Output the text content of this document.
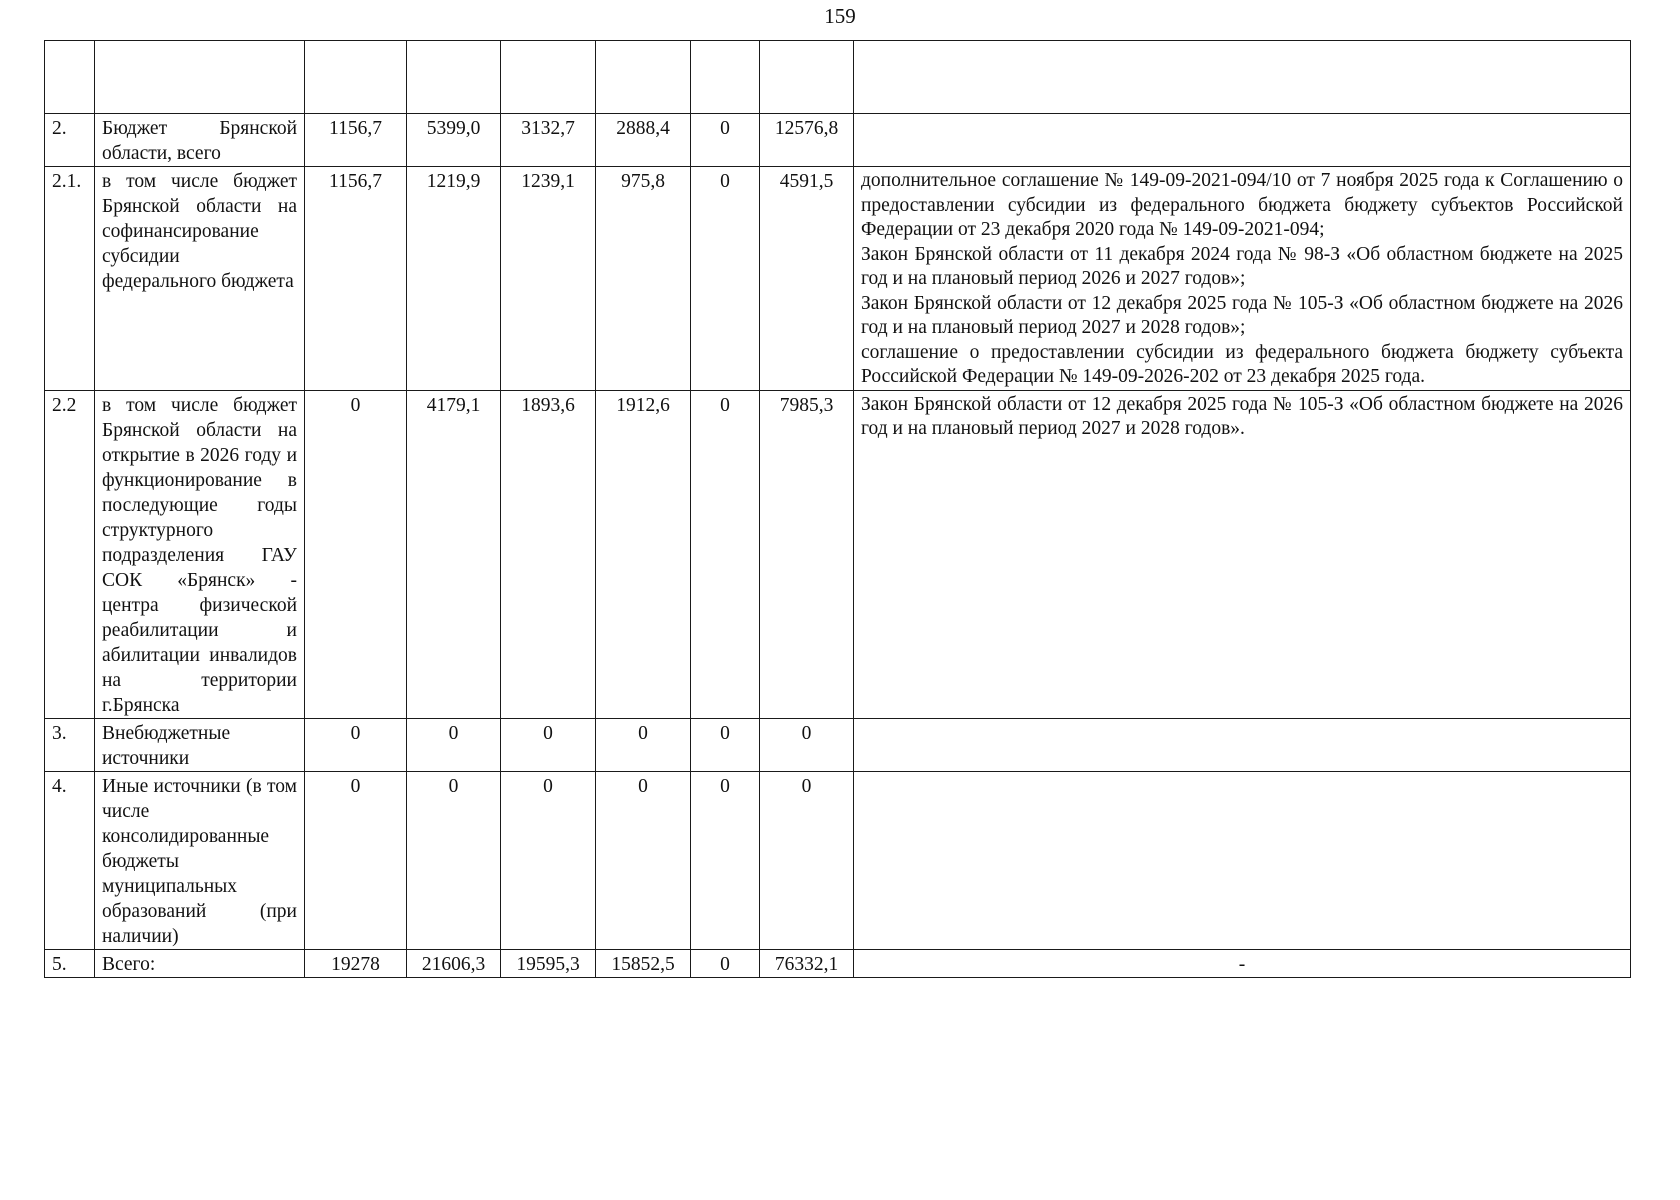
159

2.	Бюджет Брянской области, всего	1156,7	5399,0	3132,7	2888,4	0	12576,8	
2.1.	в том числе бюджет Брянской области на софинансирование субсидии федерального бюджета	1156,7	1219,9	1239,1	975,8	0	4591,5	дополнительное соглашение № 149-09-2021-094/10 от 7 ноября 2025 года к Соглашению о предоставлении субсидии из федерального бюджета бюджету субъектов Российской Федерации от 23 декабря 2020 года № 149-09-2021-094;
Закон Брянской области от 11 декабря 2024 года № 98-З «Об областном бюджете на 2025 год и на плановый период 2026 и 2027 годов»;
Закон Брянской области от 12 декабря 2025 года № 105-З «Об областном бюджете на 2026 год и на плановый период 2027 и 2028 годов»;
соглашение о предоставлении субсидии из федерального бюджета бюджету субъекта Российской Федерации № 149-09-2026-202 от 23 декабря 2025 года.

2.2	в том числе бюджет Брянской области на открытие в 2026 году и функционирование в последующие годы структурного подразделения ГАУ СОК «Брянск» - центра физической реабилитации и абилитации инвалидов на территории г.Брянска	0	4179,1	1893,6	1912,6	0	7985,3	Закон Брянской области от 12 декабря 2025 года № 105-З «Об областном бюджете на 2026 год и на плановый период 2027 и 2028 годов».

3.	Внебюджетные источники	0	0	0	0	0	0	
4.	Иные источники (в том числе консолидированные бюджеты муниципальных образований (при наличии)	0	0	0	0	0	0	
5.	Всего:	19278	21606,3	19595,3	15852,5	0	76332,1	-
